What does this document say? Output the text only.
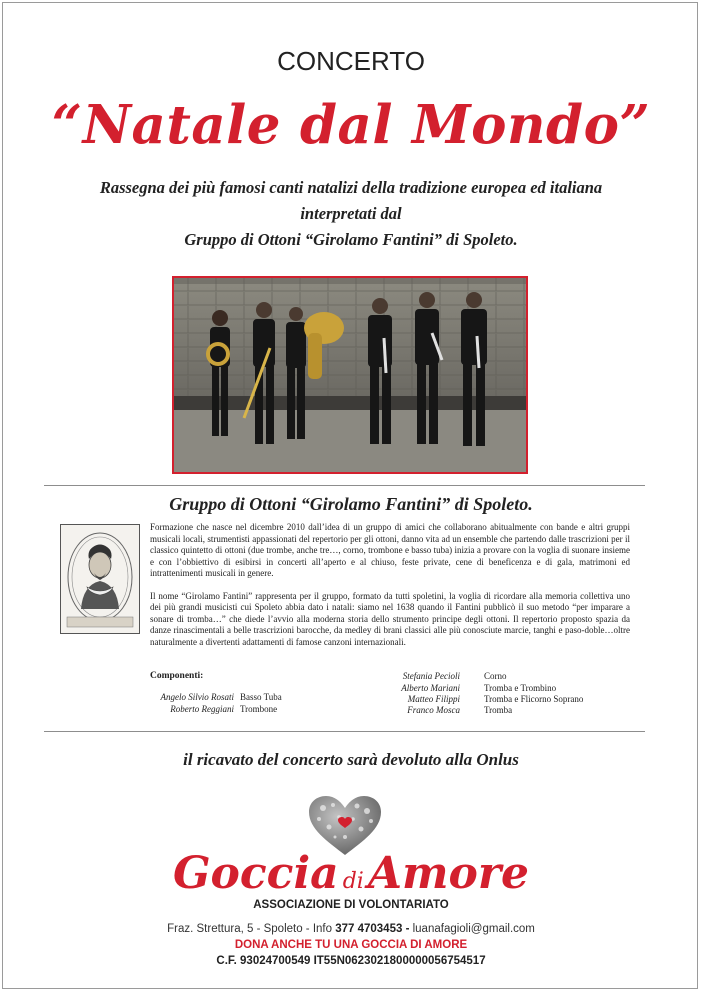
CONCERTO
“Natale dal Mondo”
Rassegna dei più famosi canti natalizi della tradizione europea ed italiana
interpretati dal
Gruppo di Ottoni “Girolamo Fantini” di Spoleto.
Gruppo di Ottoni “Girolamo Fantini” di Spoleto.

Formazione che nasce nel dicembre 2010 dall’idea di un gruppo di amici che collaborano abitualmente con bande e altri gruppi musicali locali, strumentisti appassionati del repertorio per gli ottoni, danno vita ad un ensemble che partendo dalle trascrizioni per il classico quintetto di ottoni (due trombe, anche tre…, corno, trombone e basso tuba) inizia a provare con la voglia di suonare insieme e con l’obbiettivo di esibirsi in concerti all’aperto e al chiuso, feste private, cene di beneficenza e di gala, matrimoni ed intrattenimenti musicali in genere.

Il nome “Girolamo Fantini” rappresenta per il gruppo, formato da tutti spoletini, la voglia di ricordare alla memoria collettiva uno dei più grandi musicisti cui Spoleto abbia dato i natali: siamo nel 1638 quando il Fantini pubblicò il suo metodo “per imparare a sonare di tromba…” che diede l’avvio alla moderna storia dello strumento principe degli ottoni. Il repertorio proposto spazia da danze rinascimentali a belle trascrizioni barocche, da medley di brani classici alle più conosciute marcie, tanghi e paso-doble…oltre naturalmente a divertenti adattamenti di famose canzoni internazionali.

Componenti:
Angelo Silvio Rosati Basso Tuba
Roberto Reggiani Trombone
Stefania Pecioli	Corno
Alberto Mariani	Tromba e Trombino
Matteo Filippi	Tromba e Flicorno Soprano
Franco Mosca	Tromba
il ricavato del concerto sarà devoluto alla Onlus
Goccia diAmore
ASSOCIAZIONE DI VOLONTARIATO
Fraz. Strettura, 5 - Spoleto - Info 377 4703453 - luanafagioli@gmail.com
DONA ANCHE TU UNA GOCCIA DI AMORE
C.F. 93024700549 IT55N0623021800000056754517
